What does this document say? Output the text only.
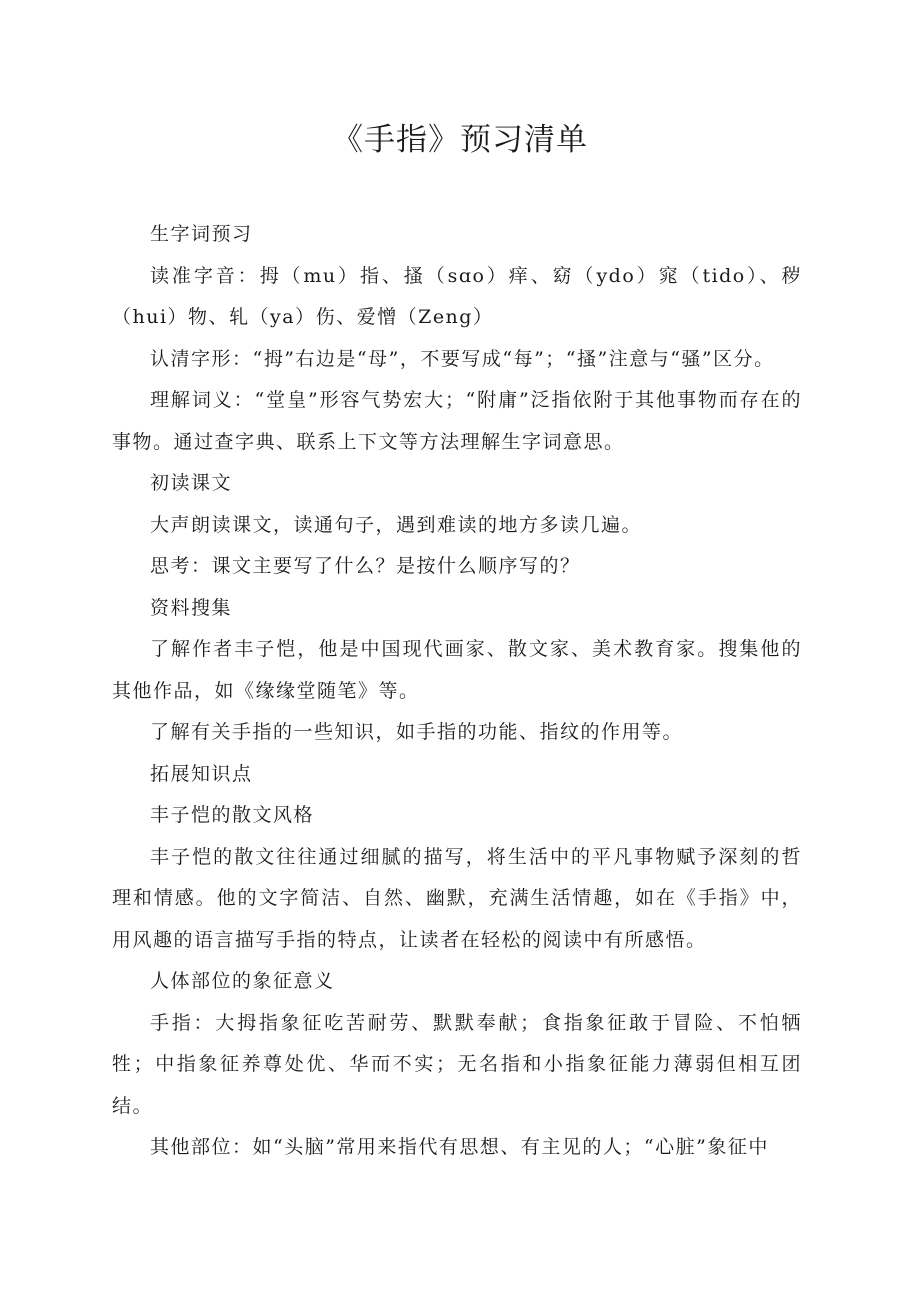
《手指》预习清单

生字词预习

读准字音：拇（mu）指、搔（sɑo）痒、窈（ydo）窕（tido）、秽（hui）物、轧（ya）伤、爱憎（Zeng）

认清字形：“拇”右边是“母”，不要写成“每”；“搔”注意与“骚”区分。

理解词义：“堂皇”形容气势宏大；“附庸”泛指依附于其他事物而存在的事物。通过查字典、联系上下文等方法理解生字词意思。

初读课文

大声朗读课文，读通句子，遇到难读的地方多读几遍。

思考：课文主要写了什么？是按什么顺序写的？

资料搜集

了解作者丰子恺，他是中国现代画家、散文家、美术教育家。搜集他的其他作品，如《缘缘堂随笔》等。

了解有关手指的一些知识，如手指的功能、指纹的作用等。

拓展知识点

丰子恺的散文风格

丰子恺的散文往往通过细腻的描写，将生活中的平凡事物赋予深刻的哲理和情感。他的文字简洁、自然、幽默，充满生活情趣，如在《手指》中，用风趣的语言描写手指的特点，让读者在轻松的阅读中有所感悟。

人体部位的象征意义

手指：大拇指象征吃苦耐劳、默默奉献；食指象征敢于冒险、不怕牺牲；中指象征养尊处优、华而不实；无名指和小指象征能力薄弱但相互团结。

其他部位：如“头脑”常用来指代有思想、有主见的人；“心脏”象征中
